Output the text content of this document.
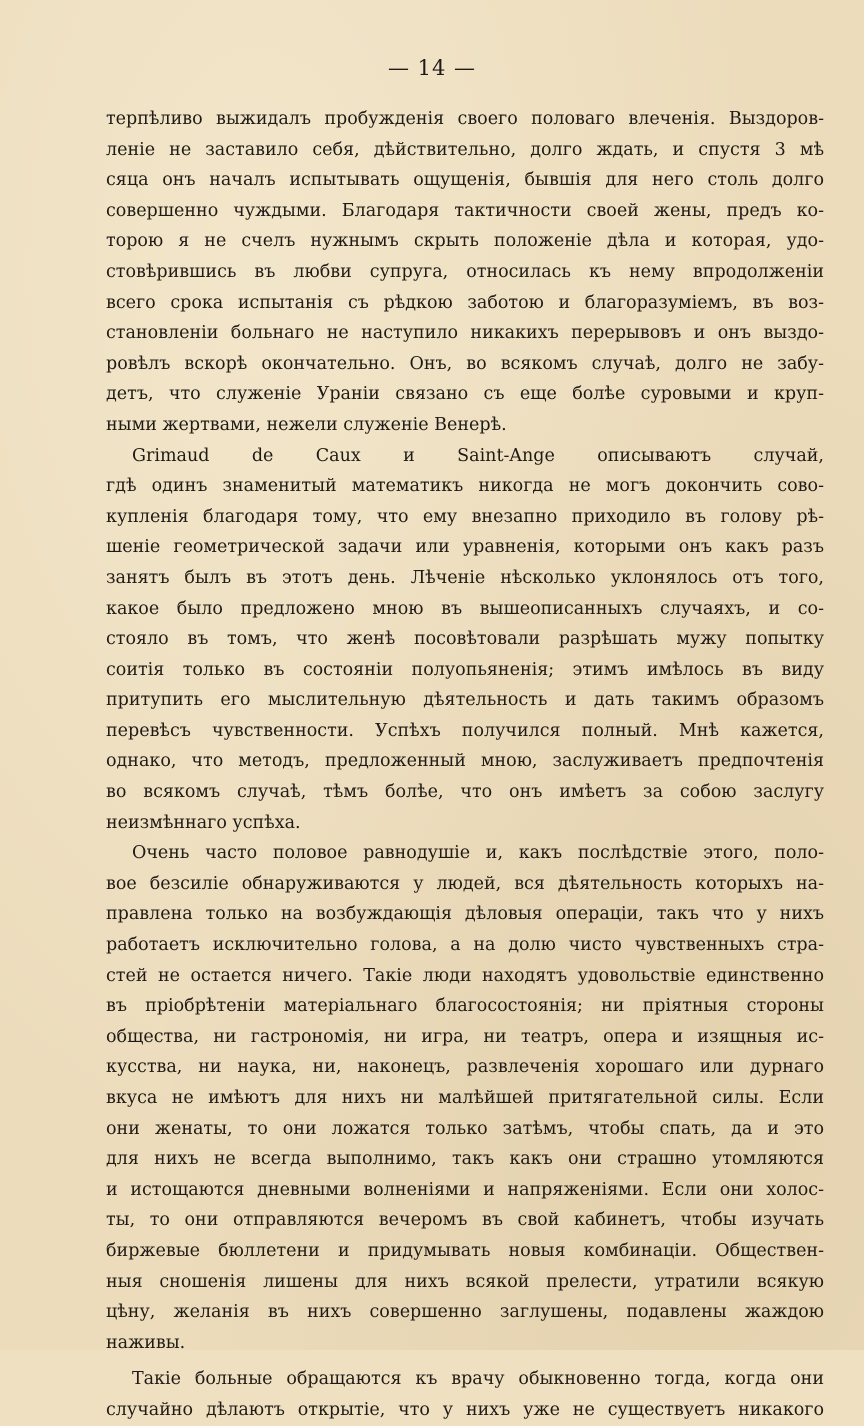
— 14 —
терпѣливо выжидалъ пробужденія своего половаго влеченія. Выздоров-
леніе не заставило себя, дѣйствительно, долго ждать, и спустя 3 мѣ
сяца онъ началъ испытывать ощущенія, бывшія для него столь долго
совершенно чуждыми. Благодаря тактичности своей жены, предъ ко-
торою я не счелъ нужнымъ скрыть положеніе дѣла и которая, удо-
стовѣрившись въ любви супруга, относилась къ нему впродолженіи
всего срока испытанія съ рѣдкою заботою и благоразуміемъ, въ воз-
становленіи больнаго не наступило никакихъ перерывовъ и онъ выздо-
ровѣлъ вскорѣ окончательно. Онъ, во всякомъ случаѣ, долго не забу-
детъ, что служеніе Ураніи связано съ еще болѣе суровыми и круп-
ными жертвами, нежели служеніе Венерѣ.
Grimaud de Caux и Saint-Ange описываютъ случай,
гдѣ одинъ знаменитый математикъ никогда не могъ докончить сово-
купленія благодаря тому, что ему внезапно приходило въ голову рѣ-
шеніе геометрической задачи или уравненія, которыми онъ какъ разъ
занятъ былъ въ этотъ день. Лѣченіе нѣсколько уклонялось отъ того,
какое было предложено мною въ вышеописанныхъ случаяхъ, и со-
стояло въ томъ, что женѣ посовѣтовали разрѣшать мужу попытку
соитія только въ состояніи полуопьяненія; этимъ имѣлось въ виду
притупить его мыслительную дѣятельность и дать такимъ образомъ
перевѣсъ чувственности. Успѣхъ получился полный. Мнѣ кажется,
однако, что методъ, предложенный мною, заслуживаетъ предпочтенія
во всякомъ случаѣ, тѣмъ болѣе, что онъ имѣетъ за собою заслугу
неизмѣннаго успѣха.
Очень часто половое равнодушіе и, какъ послѣдствіе этого, поло-
вое безсиліе обнаруживаются у людей, вся дѣятельность которыхъ на-
правлена только на возбуждающія дѣловыя операціи, такъ что у нихъ
работаетъ исключительно голова, а на долю чисто чувственныхъ стра-
стей не остается ничего. Такіе люди находятъ удовольствіе единственно
въ пріобрѣтеніи матеріальнаго благосостоянія; ни пріятныя стороны
общества, ни гастрономія, ни игра, ни театръ, опера и изящныя ис-
кусства, ни наука, ни, наконецъ, развлеченія хорошаго или дурнаго
вкуса не имѣютъ для нихъ ни малѣйшей притягательной силы. Если
они женаты, то они ложатся только затѣмъ, чтобы спать, да и это
для нихъ не всегда выполнимо, такъ какъ они страшно утомляются
и истощаются дневными волненіями и напряженіями. Если они холос-
ты, то они отправляются вечеромъ въ свой кабинетъ, чтобы изучать
биржевые бюллетени и придумывать новыя комбинаціи. Обществен-
ныя сношенія лишены для нихъ всякой прелести, утратили всякую
цѣну, желанія въ нихъ совершенно заглушены, подавлены жаждою
наживы.
Такіе больные обращаются къ врачу обыкновенно тогда, когда они
случайно дѣлаютъ открытіе, что у нихъ уже не существуетъ никакого
